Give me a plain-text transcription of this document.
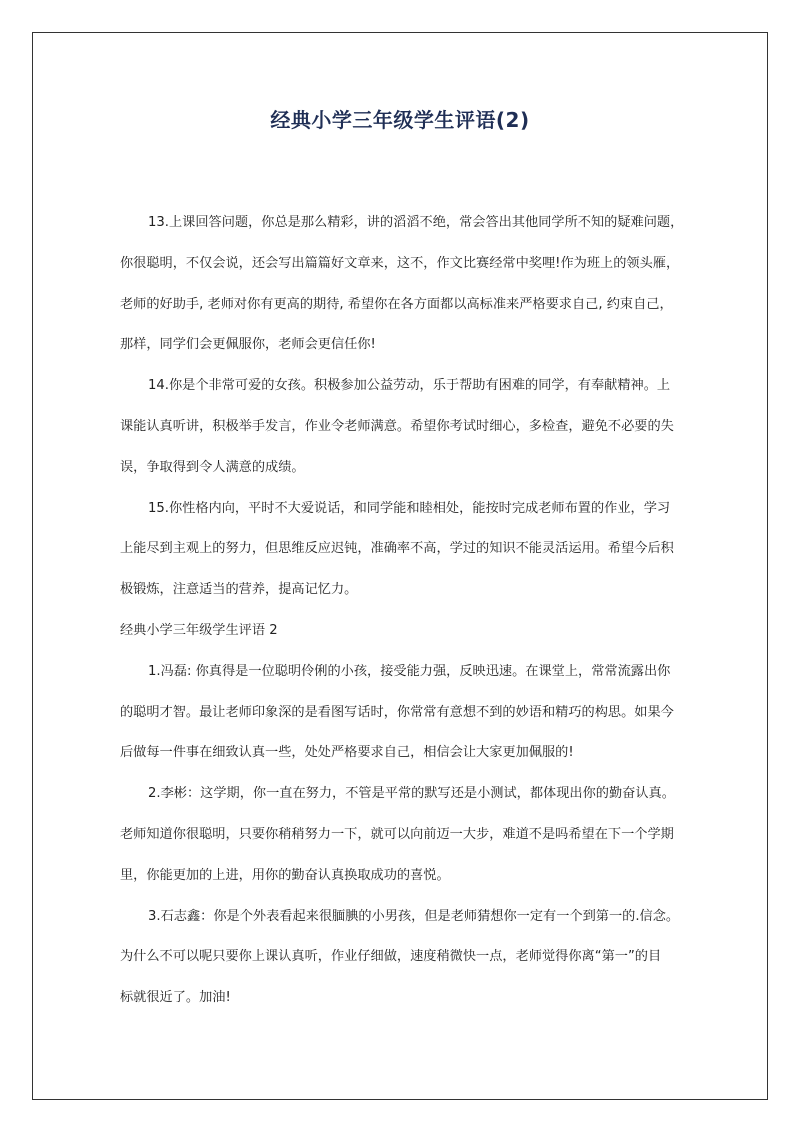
经典小学三年级学生评语(2)
13.上课回答问题，你总是那么精彩，讲的滔滔不绝，常会答出其他同学所不知的疑难问题，
你很聪明，不仅会说，还会写出篇篇好文章来，这不，作文比赛经常中奖哩!作为班上的领头雁，
老师的好助手, 老师对你有更高的期待, 希望你在各方面都以高标准来严格要求自己, 约束自己，
那样，同学们会更佩服你，老师会更信任你!
14.你是个非常可爱的女孩。积极参加公益劳动，乐于帮助有困难的同学，有奉献精神。上
课能认真听讲，积极举手发言，作业令老师满意。希望你考试时细心，多检查，避免不必要的失
误，争取得到令人满意的成绩。
15.你性格内向，平时不大爱说话，和同学能和睦相处，能按时完成老师布置的作业，学习
上能尽到主观上的努力，但思维反应迟钝，准确率不高，学过的知识不能灵活运用。希望今后积
极锻炼，注意适当的营养，提高记忆力。
经典小学三年级学生评语 2
1.冯磊: 你真得是一位聪明伶俐的小孩，接受能力强，反映迅速。在课堂上，常常流露出你
的聪明才智。最让老师印象深的是看图写话时，你常常有意想不到的妙语和精巧的构思。如果今
后做每一件事在细致认真一些，处处严格要求自己，相信会让大家更加佩服的!
2.李彬：这学期，你一直在努力，不管是平常的默写还是小测试，都体现出你的勤奋认真。
老师知道你很聪明，只要你稍稍努力一下，就可以向前迈一大步，难道不是吗希望在下一个学期
里，你能更加的上进，用你的勤奋认真换取成功的喜悦。
3.石志鑫：你是个外表看起来很腼腆的小男孩，但是老师猜想你一定有一个到第一的.信念。
为什么不可以呢只要你上课认真听，作业仔细做，速度稍微快一点，老师觉得你离“第一”的目
标就很近了。加油!
